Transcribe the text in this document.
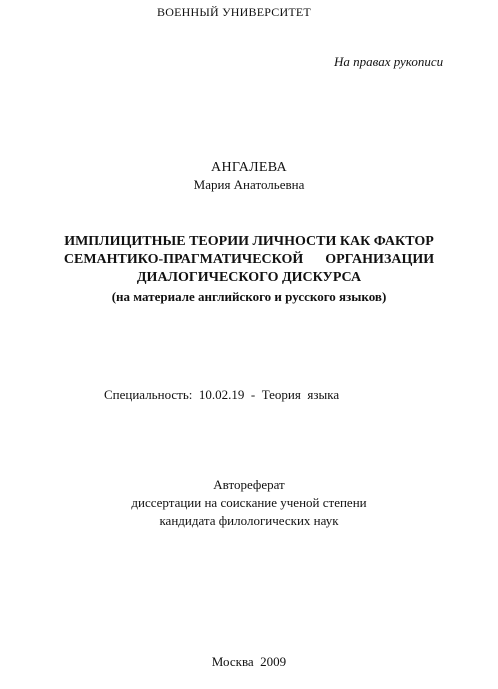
ВОЕННЫЙ УНИВЕРСИТЕТ
На правах рукописи
АНГАЛЕВА
Мария Анатольевна
ИМПЛИЦИТНЫЕ ТЕОРИИ ЛИЧНОСТИ КАК ФАКТОР
СЕМАНТИКО-ПРАГМАТИЧЕСКОЙ    ОРГАНИЗАЦИИ
ДИАЛОГИЧЕСКОГО ДИСКУРСА
(на материале английского и русского языков)
Специальность:  10.02.19  -  Теория  языка
Автореферат
диссертации на соискание ученой степени
кандидата филологических наук
Москва  2009
